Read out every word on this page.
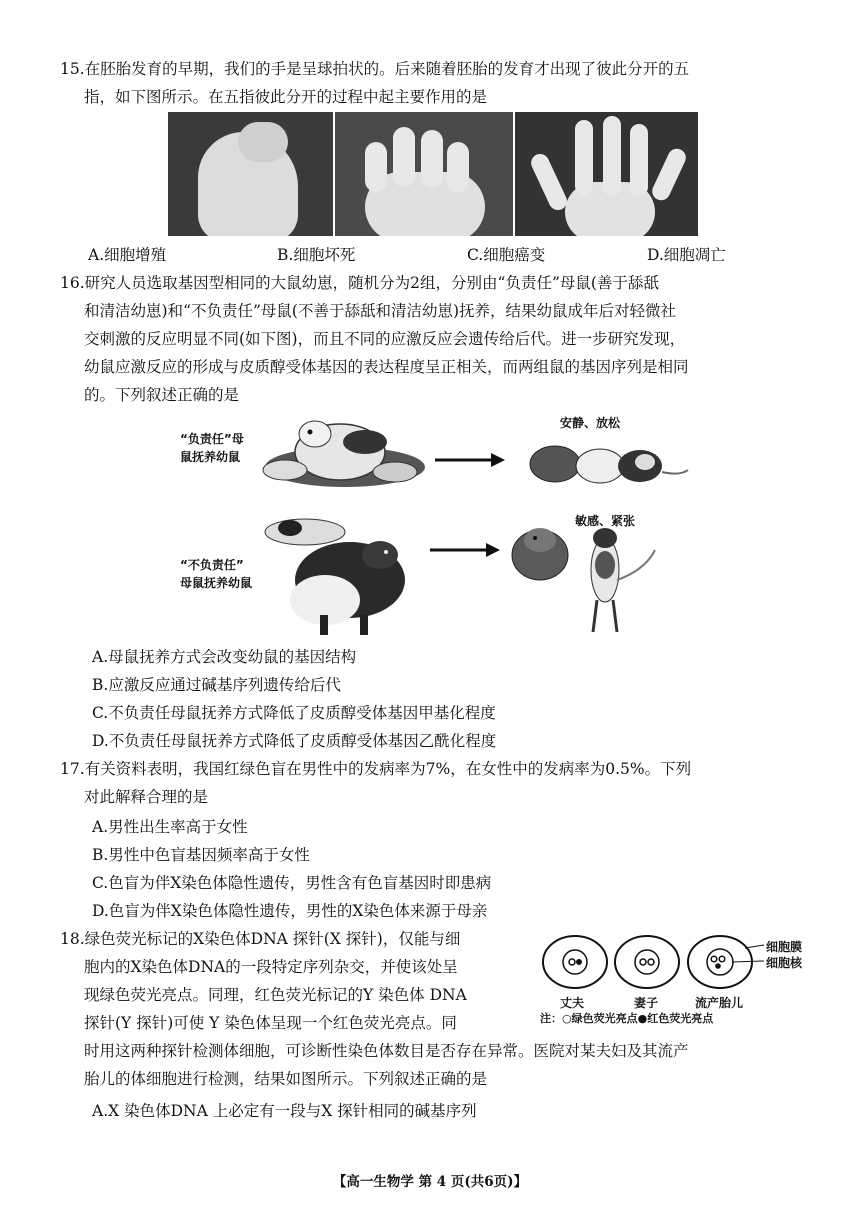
15.在胚胎发育的早期，我们的手是呈球拍状的。后来随着胚胎的发育才出现了彼此分开的五
指，如下图所示。在五指彼此分开的过程中起主要作用的是
A.细胞增殖	B.细胞坏死	C.细胞癌变	D.细胞凋亡
16.研究人员选取基因型相同的大鼠幼崽，随机分为2组，分别由“负责任”母鼠(善于舔舐
和清洁幼崽)和“不负责任”母鼠(不善于舔舐和清洁幼崽)抚养，结果幼鼠成年后对轻微社
交刺激的反应明显不同(如下图)，而且不同的应激反应会遗传给后代。进一步研究发现，
幼鼠应激反应的形成与皮质醇受体基因的表达程度呈正相关，而两组鼠的基因序列是相同
的。下列叙述正确的是
“负责任”母
鼠抚养幼鼠
安静、放松
“不负责任”
母鼠抚养幼鼠
敏感、紧张
A.母鼠抚养方式会改变幼鼠的基因结构
B.应激反应通过碱基序列遗传给后代
C.不负责任母鼠抚养方式降低了皮质醇受体基因甲基化程度
D.不负责任母鼠抚养方式降低了皮质醇受体基因乙酰化程度
17.有关资料表明，我国红绿色盲在男性中的发病率为7%，在女性中的发病率为0.5%。下列
对此解释合理的是
A.男性出生率高于女性
B.男性中色盲基因频率高于女性
C.色盲为伴X染色体隐性遗传，男性含有色盲基因时即患病
D.色盲为伴X染色体隐性遗传，男性的X染色体来源于母亲
18.绿色荧光标记的X染色体DNA 探针(X 探针)，仅能与细
胞内的X染色体DNA的一段特定序列杂交，并使该处呈
现绿色荧光亮点。同理，红色荧光标记的Y 染色体 DNA
探针(Y 探针)可使 Y 染色体呈现一个红色荧光亮点。同
时用这两种探针检测体细胞，可诊断性染色体数目是否存在异常。医院对某夫妇及其流产
胎儿的体细胞进行检测，结果如图所示。下列叙述正确的是
细胞膜
细胞核
丈夫	妻子	流产胎儿
注：○绿色荧光亮点●红色荧光亮点
A.X 染色体DNA 上必定有一段与X 探针相同的碱基序列
【高一生物学 第 4 页(共6页)】
